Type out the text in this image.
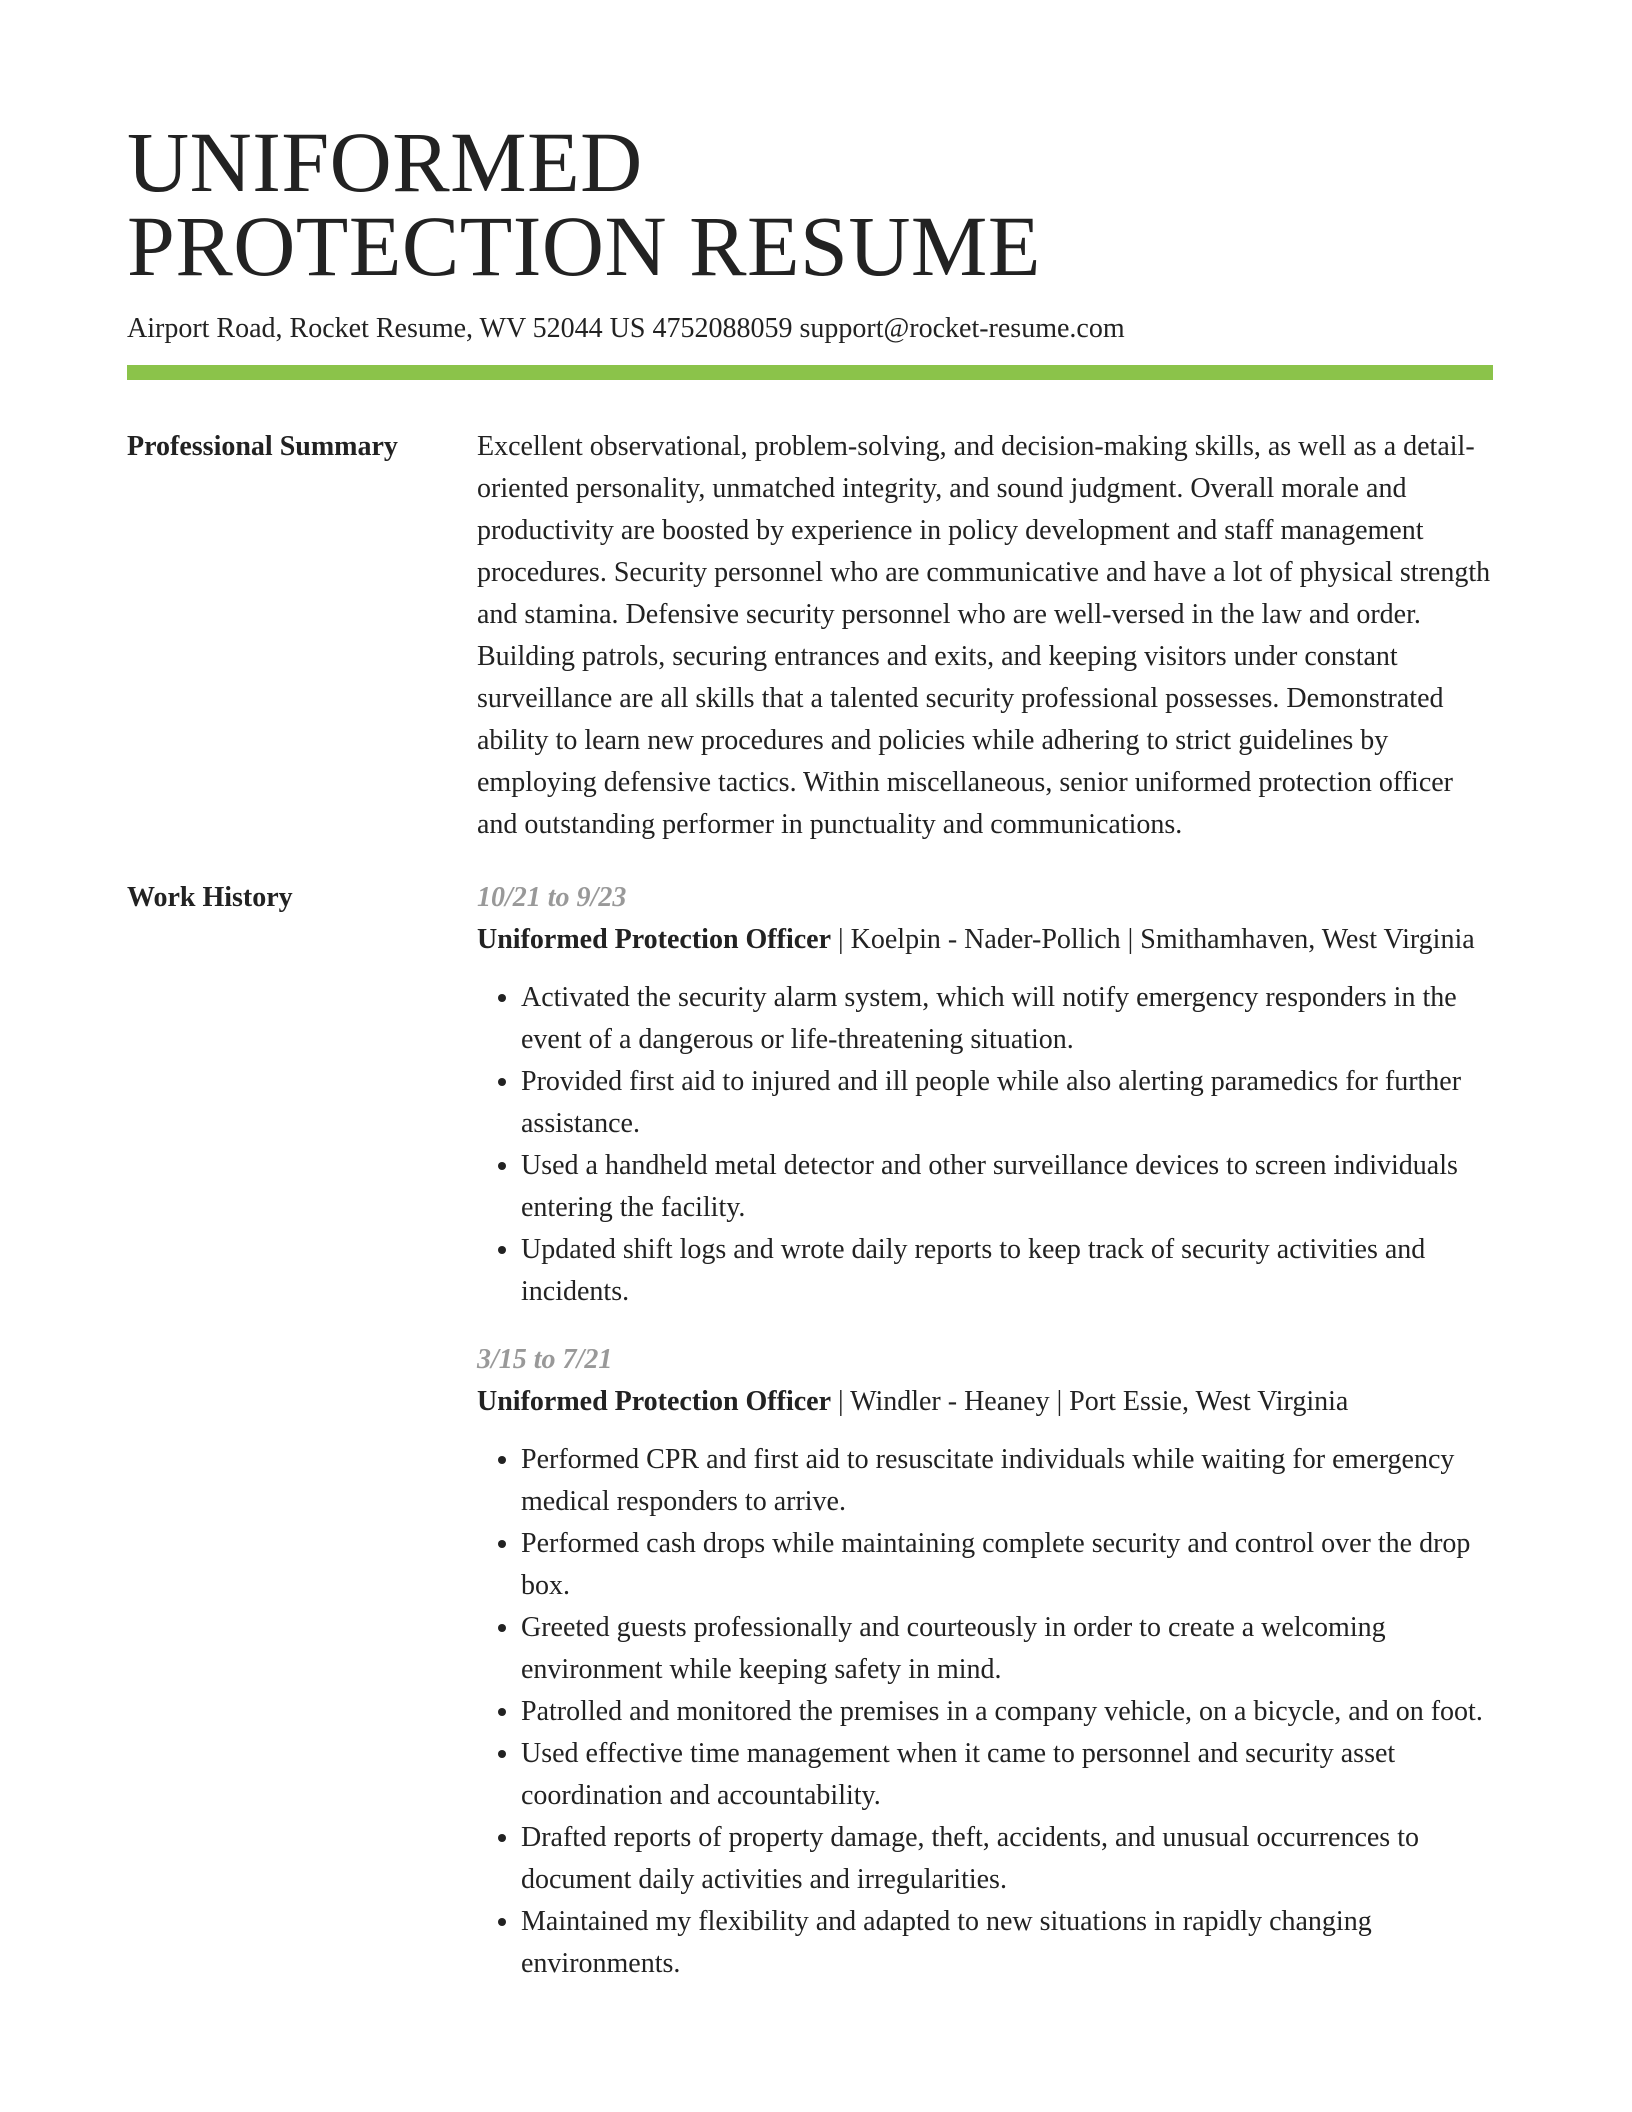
UNIFORMED
PROTECTION RESUME
Airport Road, Rocket Resume, WV 52044 US 4752088059 support@rocket-resume.com
Professional Summary	Excellent observational, problem-solving, and decision-making skills, as well as a detail-oriented personality, unmatched integrity, and sound judgment. Overall morale and productivity are boosted by experience in policy development and staff management procedures. Security personnel who are communicative and have a lot of physical strength and stamina. Defensive security personnel who are well-versed in the law and order. Building patrols, securing entrances and exits, and keeping visitors under constant surveillance are all skills that a talented security professional possesses. Demonstrated ability to learn new procedures and policies while adhering to strict guidelines by employing defensive tactics. Within miscellaneous, senior uniformed protection officer and outstanding performer in punctuality and communications.
Work History	10/21 to 9/23
Uniformed Protection Officer | Koelpin - Nader-Pollich | Smithamhaven, West Virginia
• Activated the security alarm system, which will notify emergency responders in the event of a dangerous or life-threatening situation.
• Provided first aid to injured and ill people while also alerting paramedics for further assistance.
• Used a handheld metal detector and other surveillance devices to screen individuals entering the facility.
• Updated shift logs and wrote daily reports to keep track of security activities and incidents.
3/15 to 7/21
Uniformed Protection Officer | Windler - Heaney | Port Essie, West Virginia
• Performed CPR and first aid to resuscitate individuals while waiting for emergency medical responders to arrive.
• Performed cash drops while maintaining complete security and control over the drop box.
• Greeted guests professionally and courteously in order to create a welcoming environment while keeping safety in mind.
• Patrolled and monitored the premises in a company vehicle, on a bicycle, and on foot.
• Used effective time management when it came to personnel and security asset coordination and accountability.
• Drafted reports of property damage, theft, accidents, and unusual occurrences to document daily activities and irregularities.
• Maintained my flexibility and adapted to new situations in rapidly changing environments.
